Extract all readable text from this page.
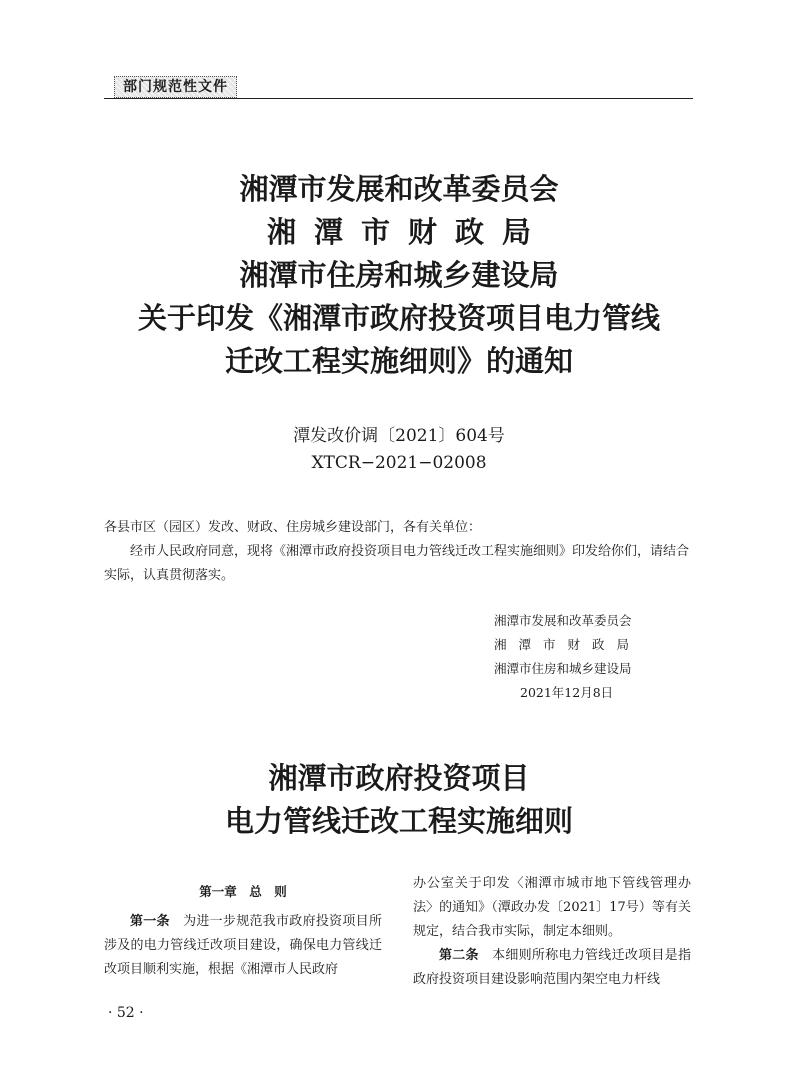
部门规范性文件
湘潭市发展和改革委员会
湘潭市财政局
湘潭市住房和城乡建设局
关于印发《湘潭市政府投资项目电力管线
迁改工程实施细则》的通知
潭发改价调〔2021〕604号
XTCR−2021−02008

各县市区（园区）发改、财政、住房城乡建设部门，各有关单位：

经市人民政府同意，现将《湘潭市政府投资项目电力管线迁改工程实施细则》印发给你们，请结合实际，认真贯彻落实。

湘潭市发展和改革委员会
湘潭市财政局
湘潭市住房和城乡建设局
2021年12月8日
湘潭市政府投资项目
电力管线迁改工程实施细则

第一章　总　则

第一条　 为进一步规范我市政府投资项目所涉及的电力管线迁改项目建设，确保电力管线迁改项目顺利实施，根据《湘潭市人民政府

办公室关于印发〈湘潭市城市地下管线管理办法〉的通知》（潭政办发〔2021〕17号）等有关规定，结合我市实际，制定本细则。

第二条　 本细则所称电力管线迁改项目是指政府投资项目建设影响范围内架空电力杆线

· 52 ·
